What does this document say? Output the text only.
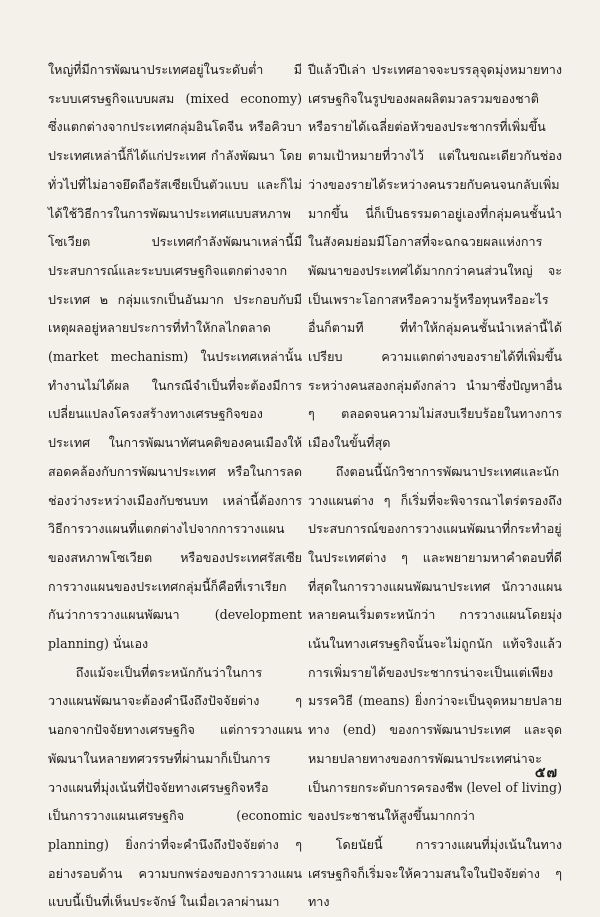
ใหญ่ที่มีการพัฒนาประเทศอยู่ในระดับต่ำ มีระบบเศรษฐกิจแบบผสม (mixed economy) ซึ่งแตกต่างจากประเทศกลุ่มอินโดจีน หรือคิวบา ประเทศเหล่านี้ก็ได้แก่ประเทศ กำลังพัฒนา โดยทั่วไปที่ไม่อาจยึดถือรัสเซียเป็นตัวแบบ และก็ไม่ได้ใช้วิธีการในการพัฒนาประเทศแบบสหภาพโซเวียต ประเทศกำลังพัฒนาเหล่านี้มีประสบการณ์และระบบเศรษฐกิจแตกต่างจากประเทศ ๒ กลุ่มแรกเป็นอันมาก ประกอบกับมีเหตุผลอยู่หลายประการที่ทำให้กลไกตลาด (market mechanism) ในประเทศเหล่านั้นทำงานไม่ได้ผล ในกรณีจำเป็นที่จะต้องมีการเปลี่ยนแปลงโครงสร้างทางเศรษฐกิจของประเทศ ในการพัฒนาทัศนคติของคนเมืองให้สอดคล้องกับการพัฒนาประเทศ หรือในการลดช่องว่างระหว่างเมืองกับชนบท เหล่านี้ต้องการวิธีการวางแผนที่แตกต่างไปจากการวางแผนของสหภาพโซเวียต หรือของประเทศรัสเซีย การวางแผนของประเทศกลุ่มนี้ก็คือที่เราเรียกกันว่าการวางแผนพัฒนา (development planning) นั่นเอง

ถึงแม้จะเป็นที่ตระหนักกันว่าในการวางแผนพัฒนาจะต้องคำนึงถึงปัจจัยต่าง ๆ นอกจากปัจจัยทางเศรษฐกิจ แต่การวางแผนพัฒนาในหลายทศวรรษที่ผ่านมาก็เป็นการวางแผนที่มุ่งเน้นที่ปัจจัยทางเศรษฐกิจหรือเป็นการวางแผนเศรษฐกิจ (economic planning) ยิ่งกว่าที่จะคำนึงถึงปัจจัยต่าง ๆ อย่างรอบด้าน ความบกพร่องของการวางแผนแบบนี้เป็นที่เห็นประจักษ์ ในเมื่อเวลาผ่านมา

ปีแล้วปีเล่า ประเทศอาจจะบรรลุจุดมุ่งหมายทางเศรษฐกิจในรูปของผลผลิตมวลรวมของชาติ หรือรายได้เฉลี่ยต่อหัวของประชากรที่เพิ่มขึ้นตามเป้าหมายที่วางไว้ แต่ในขณะเดียวกันช่องว่างของรายได้ระหว่างคนรวยกับคนจนกลับเพิ่มมากขึ้น นี่ก็เป็นธรรมดาอยู่เองที่กลุ่มคนชั้นนำในสังคมย่อมมีโอกาสที่จะฉกฉวยผลแห่งการพัฒนาของประเทศได้มากกว่าคนส่วนใหญ่ จะเป็นเพราะโอกาสหรือความรู้หรือทุนหรืออะไรอื่นก็ตามที ที่ทำให้กลุ่มคนชั้นนำเหล่านี้ได้เปรียบ ความแตกต่างของรายได้ที่เพิ่มขึ้นระหว่างคนสองกลุ่มดังกล่าว นำมาซึ่งปัญหาอื่น ๆ ตลอดจนความไม่สงบเรียบร้อยในทางการเมืองในขั้นที่สุด

ถึงตอนนี้นักวิชาการพัฒนาประเทศและนักวางแผนต่าง ๆ ก็เริ่มที่จะพิจารณาไตร่ตรองถึงประสบการณ์ของการวางแผนพัฒนาที่กระทำอยู่ในประเทศต่าง ๆ และพยายามหาคำตอบที่ดีที่สุดในการวางแผนพัฒนาประเทศ นักวางแผนหลายคนเริ่มตระหนักว่า การวางแผนโดยมุ่งเน้นในทางเศรษฐกิจนั้นจะไม่ถูกนัก แท้จริงแล้วการเพิ่มรายได้ของประชากรน่าจะเป็นแต่เพียงมรรควิธี (means) ยิ่งกว่าจะเป็นจุดหมายปลายทาง (end) ของการพัฒนาประเทศ และจุดหมายปลายทางของการพัฒนาประเทศน่าจะเป็นการยกระดับการครองชีพ (level of living) ของประชาชนให้สูงขึ้นมากกว่า

โดยนัยนี้ การวางแผนที่มุ่งเน้นในทางเศรษฐกิจก็เริ่มจะให้ความสนใจในปัจจัยต่าง ๆ ทาง

๕๗
